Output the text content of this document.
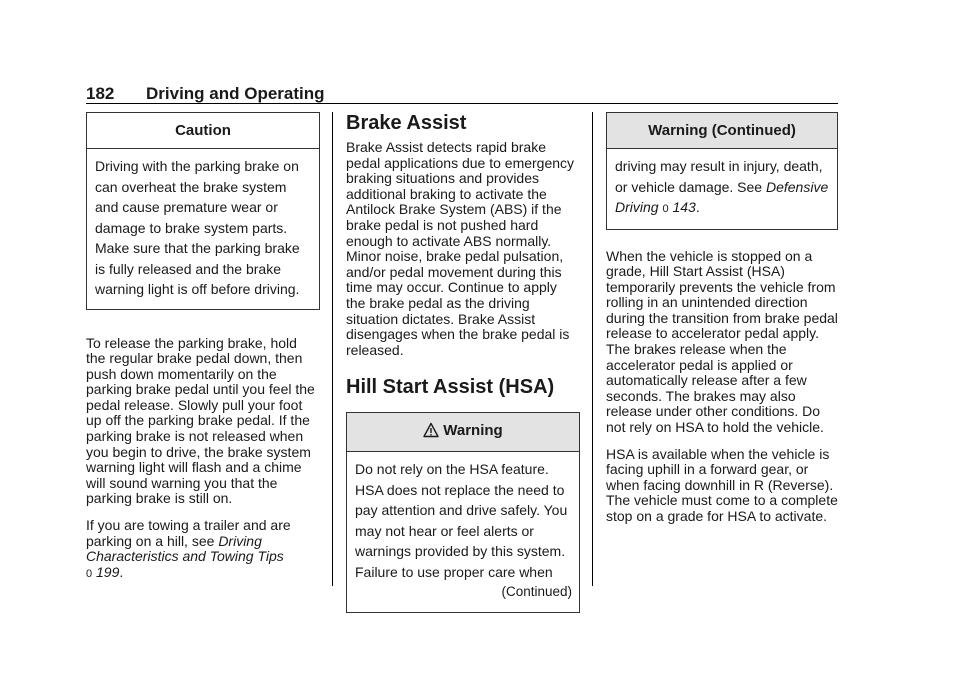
182 Driving and Operating
Caution
Driving with the parking brake on can overheat the brake system and cause premature wear or damage to brake system parts. Make sure that the parking brake is fully released and the brake warning light is off before driving.

To release the parking brake, hold the regular brake pedal down, then push down momentarily on the parking brake pedal until you feel the pedal release. Slowly pull your foot up off the parking brake pedal. If the parking brake is not released when you begin to drive, the brake system warning light will flash and a chime will sound warning you that the parking brake is still on.

If you are towing a trailer and are parking on a hill, see Driving Characteristics and Towing Tips
0 199.

Brake Assist

Brake Assist detects rapid brake pedal applications due to emergency braking situations and provides additional braking to activate the Antilock Brake System (ABS) if the brake pedal is not pushed hard enough to activate ABS normally. Minor noise, brake pedal pulsation, and/or pedal movement during this time may occur. Continue to apply the brake pedal as the driving situation dictates. Brake Assist disengages when the brake pedal is released.

Hill Start Assist (HSA)
Warning
Do not rely on the HSA feature. HSA does not replace the need to pay attention and drive safely. You may not hear or feel alerts or warnings provided by this system. Failure to use proper care when
(Continued)
Warning (Continued)
driving may result in injury, death, or vehicle damage. See Defensive Driving 0 143.

When the vehicle is stopped on a grade, Hill Start Assist (HSA) temporarily prevents the vehicle from rolling in an unintended direction during the transition from brake pedal release to accelerator pedal apply. The brakes release when the accelerator pedal is applied or automatically release after a few seconds. The brakes may also release under other conditions. Do not rely on HSA to hold the vehicle.

HSA is available when the vehicle is facing uphill in a forward gear, or when facing downhill in R (Reverse). The vehicle must come to a complete stop on a grade for HSA to activate.
